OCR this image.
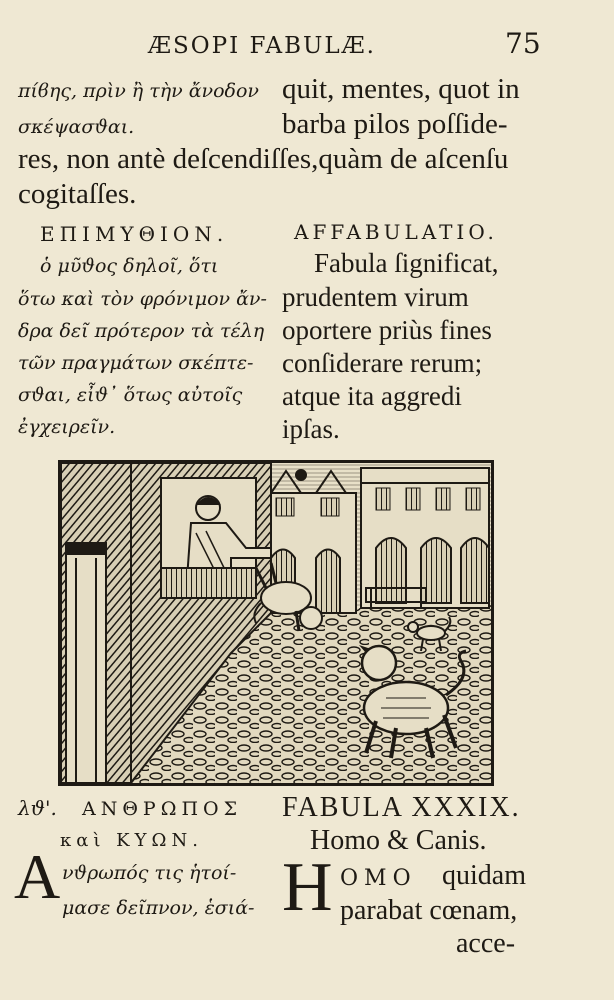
ÆSOPI FABULÆ.	75
πίϐης, πρὶν ἢ τὴν ἄνοδον
σκέψασϑαι.
quit, mentes, quot in
barba pilos poſſide-
res, non antè deſcendiſſes,quàm de aſcenſu
cogitaſſes.
ΕΠΙΜΥΘΙΟΝ.
ὁ μῦϑος δηλοῖ, ὅτι
ὅτω καὶ τὸν φρόνιμον ἄν-
δρα δεῖ πρότερον τὰ τέλη
τῶν πραγμάτων σκέπτε-
σϑαι, εἶϑ᾽ ὅτως αὐτοῖς
ἐγχειρεῖν.
AFFABULATIO.
Fabula ſignificat,
prudentem virum
oportere priùs fines
conſiderare rerum;
atque ita aggredi
ipſas.
λϑ'. ΑΝΘΡΩΠΟΣ
καὶ ΚΥΩΝ.
Α νϑρωπός τις ἡτοί-
μασε δεῖπνον, ἑσιά-
FABULA XXXIX.
Homo & Canis.
H OMO quidam
parabat cœnam,
acce-
